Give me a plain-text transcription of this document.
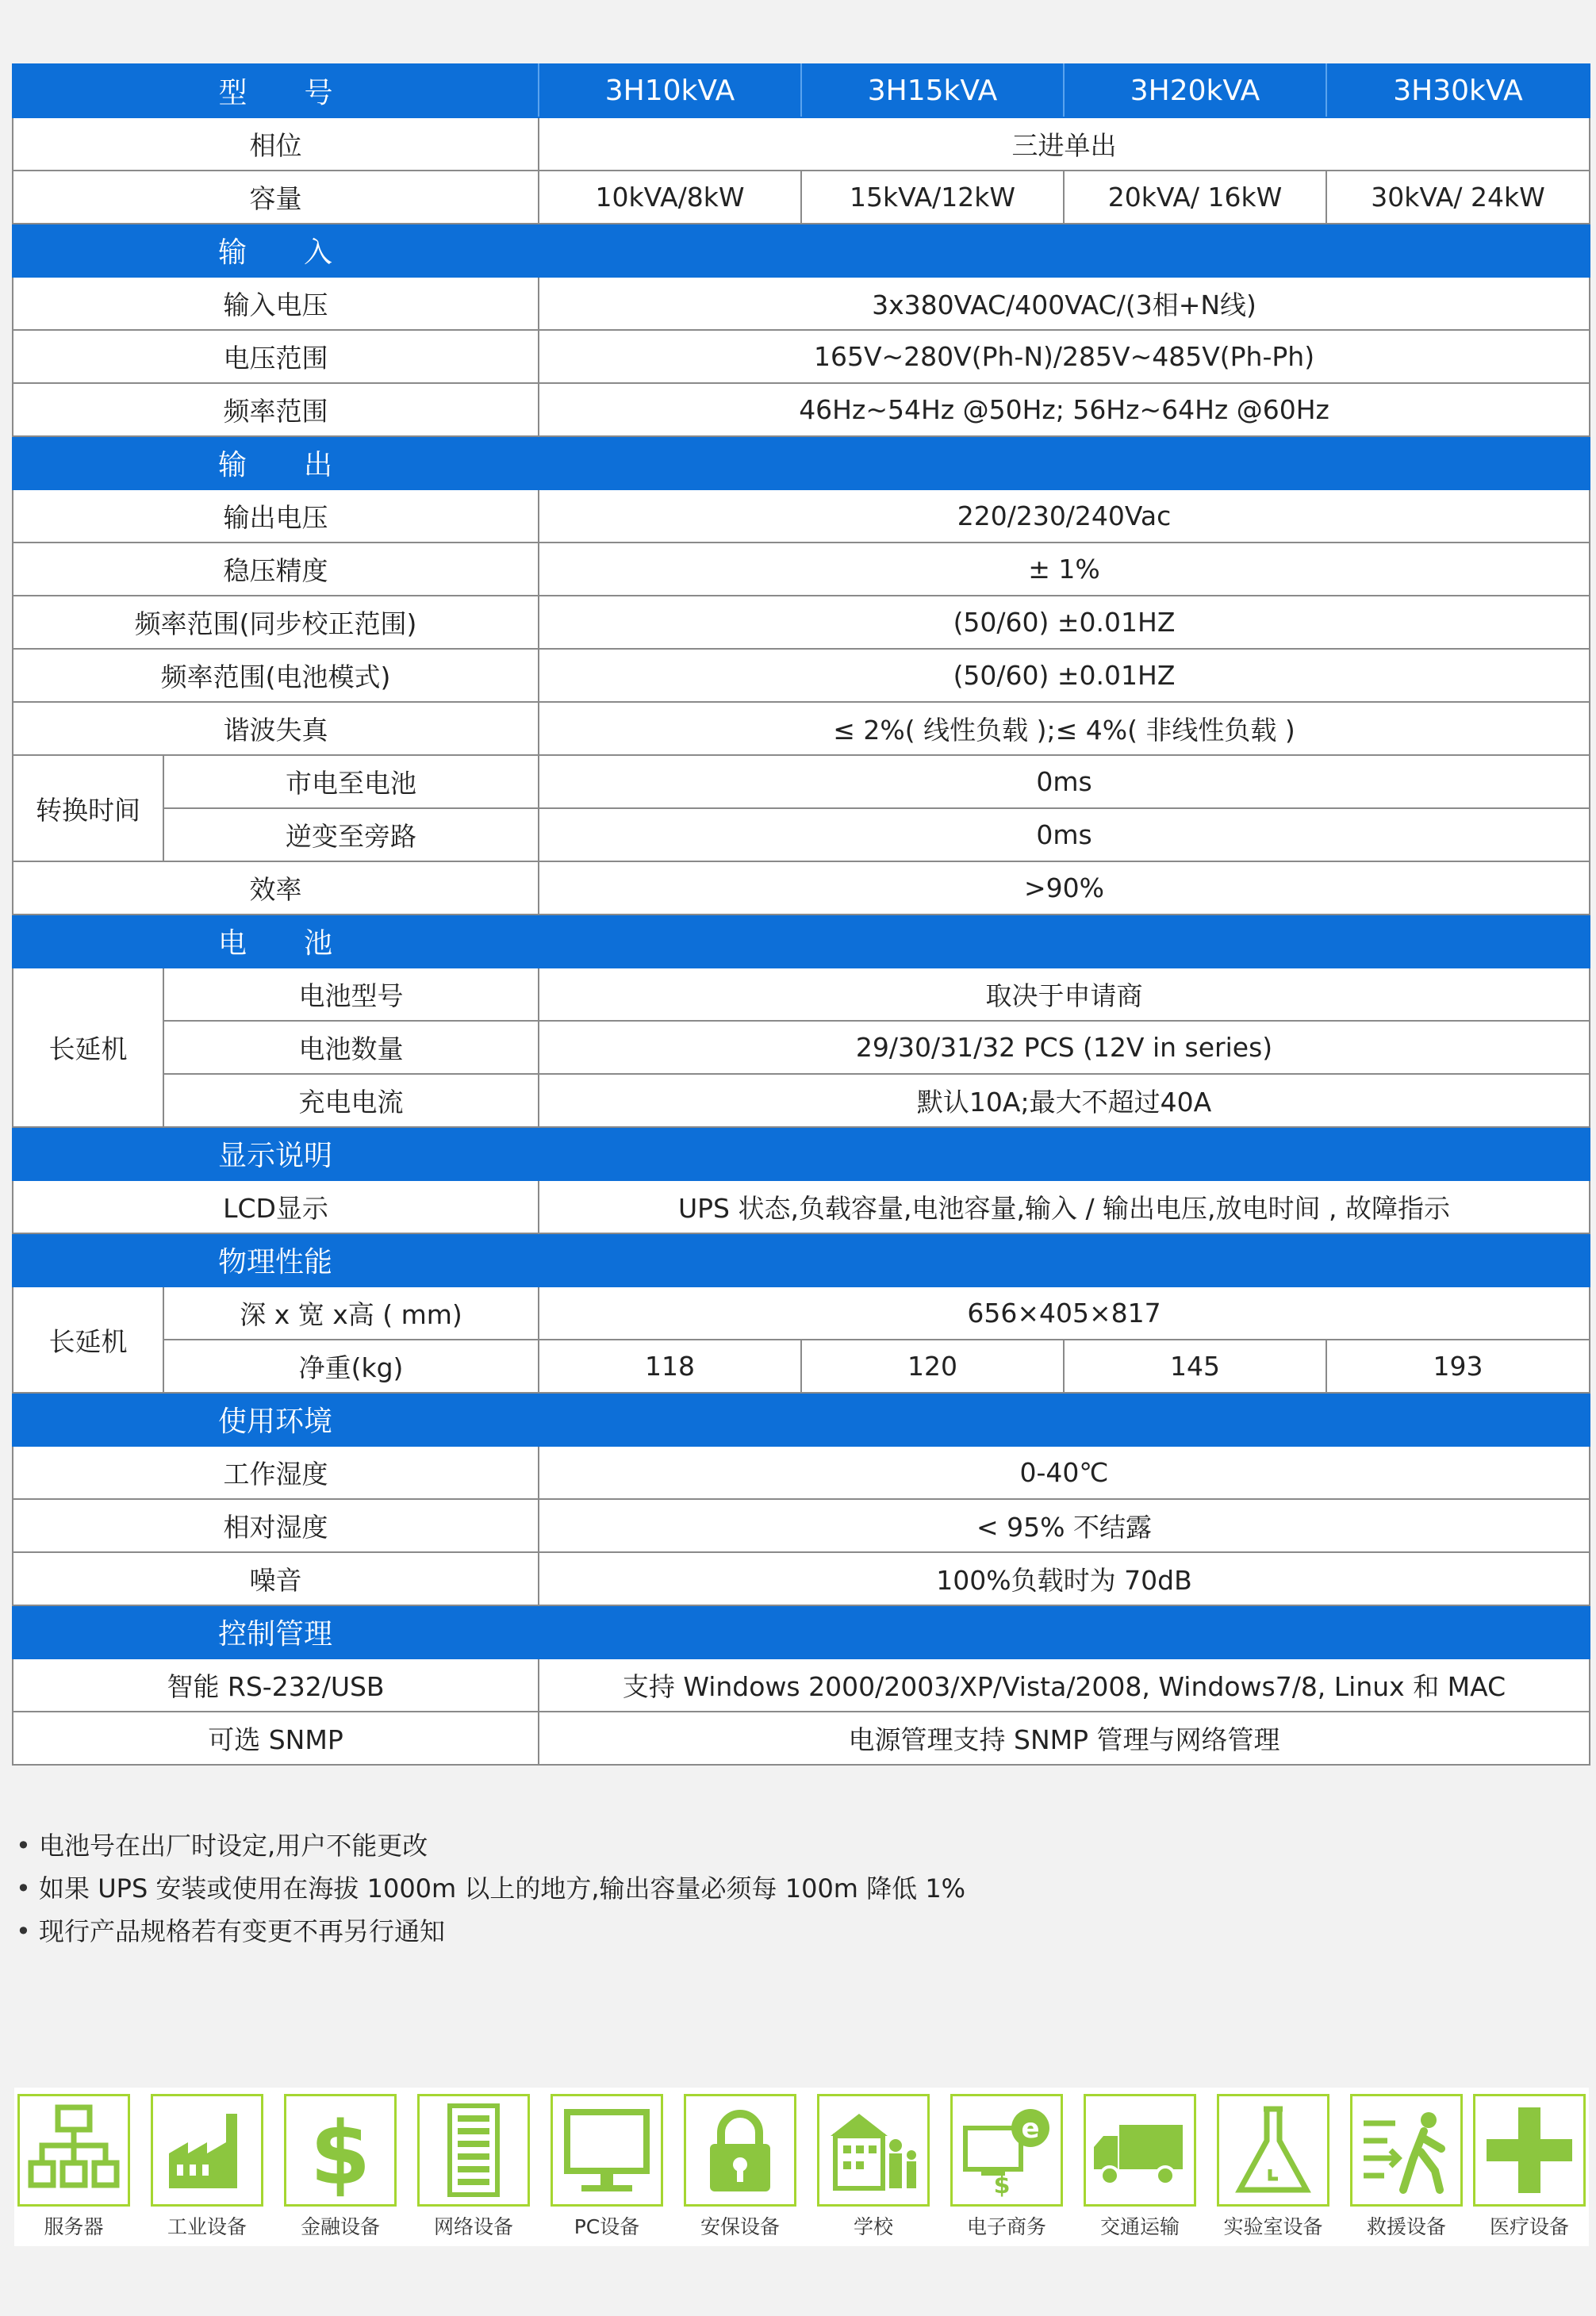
型　　号		3H10kVA	3H15kVA	3H20kVA	3H30kVA
相位		三进单出			
容量		10kVA/8kW	15kVA/12kW	20kVA/ 16kW	30kVA/ 24kW
输　　入					
输入电压		3x380VAC/400VAC/(3相+N线)			
电压范围		165V~280V(Ph-N)/285V~485V(Ph-Ph)			
频率范围		46Hz~54Hz @50Hz; 56Hz~64Hz @60Hz			
输　　出					
输出电压		220/230/240Vac			
稳压精度		± 1%			
频率范围(同步校正范围)		(50/60) ±0.01HZ			
频率范围(电池模式)		(50/60) ±0.01HZ			
谐波失真		≤ 2%( 线性负载 );≤ 4%( 非线性负载 )			
转换时间	市电至电池	0ms			
	逆变至旁路	0ms			
效率		>90%			
电　　池					
长延机	电池型号	取决于申请商			
	电池数量	29/30/31/32 PCS (12V in series)			
	充电电流	默认10A;最大不超过40A			
显示说明					
LCD显示		UPS 状态,负载容量,电池容量,输入 / 输出电压,放电时间 , 故障指示			
物理性能					
长延机	深 x 宽 x高 ( mm)	656×405×817			
	净重(kg)	118	120	145	193
使用环境					
工作湿度		0-40℃			
相对湿度		< 95% 不结露			
噪音		100%负载时为 70dB			
控制管理					
智能 RS-232/USB		支持 Windows 2000/2003/XP/Vista/2008, Windows7/8, Linux 和 MAC			
可选 SNMP		电源管理支持 SNMP 管理与网络管理			
• 电池号在出厂时设定,用户不能更改
• 如果 UPS 安装或使用在海拔 1000m 以上的地方,输出容量必须每 100m 降低 1%
• 现行产品规格若有变更不再另行通知
服务器	工业设备
$
金融设备	网络设备	PC设备	安保设备	学校
e
$
电子商务	交通运输	实验室设备	救援设备	医疗设备
